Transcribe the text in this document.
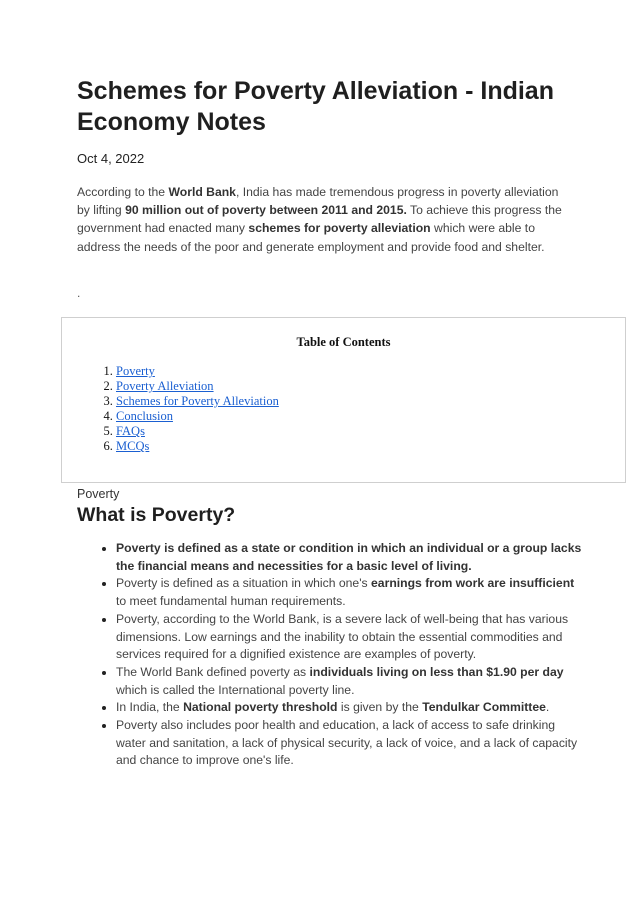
Schemes for Poverty Alleviation - Indian Economy Notes

Oct 4, 2022

According to the World Bank, India has made tremendous progress in poverty alleviation by lifting 90 million out of poverty between 2011 and 2015. To achieve this progress the government had enacted many schemes for poverty alleviation which were able to address the needs of the poor and generate employment and provide food and shelter.

.

Table of Contents

1. Poverty
2. Poverty Alleviation
3. Schemes for Poverty Alleviation
4. Conclusion
5. FAQs
6. MCQs

Poverty

What is Poverty?
• Poverty is defined as a state or condition in which an individual or a group lacks the financial means and necessities for a basic level of living.
• Poverty is defined as a situation in which one's earnings from work are insufficient to meet fundamental human requirements.
• Poverty, according to the World Bank, is a severe lack of well-being that has various dimensions. Low earnings and the inability to obtain the essential commodities and services required for a dignified existence are examples of poverty.
• The World Bank defined poverty as individuals living on less than $1.90 per day which is called the International poverty line.
• In India, the National poverty threshold is given by the Tendulkar Committee.
• Poverty also includes poor health and education, a lack of access to safe drinking water and sanitation, a lack of physical security, a lack of voice, and a lack of capacity and chance to improve one's life.
